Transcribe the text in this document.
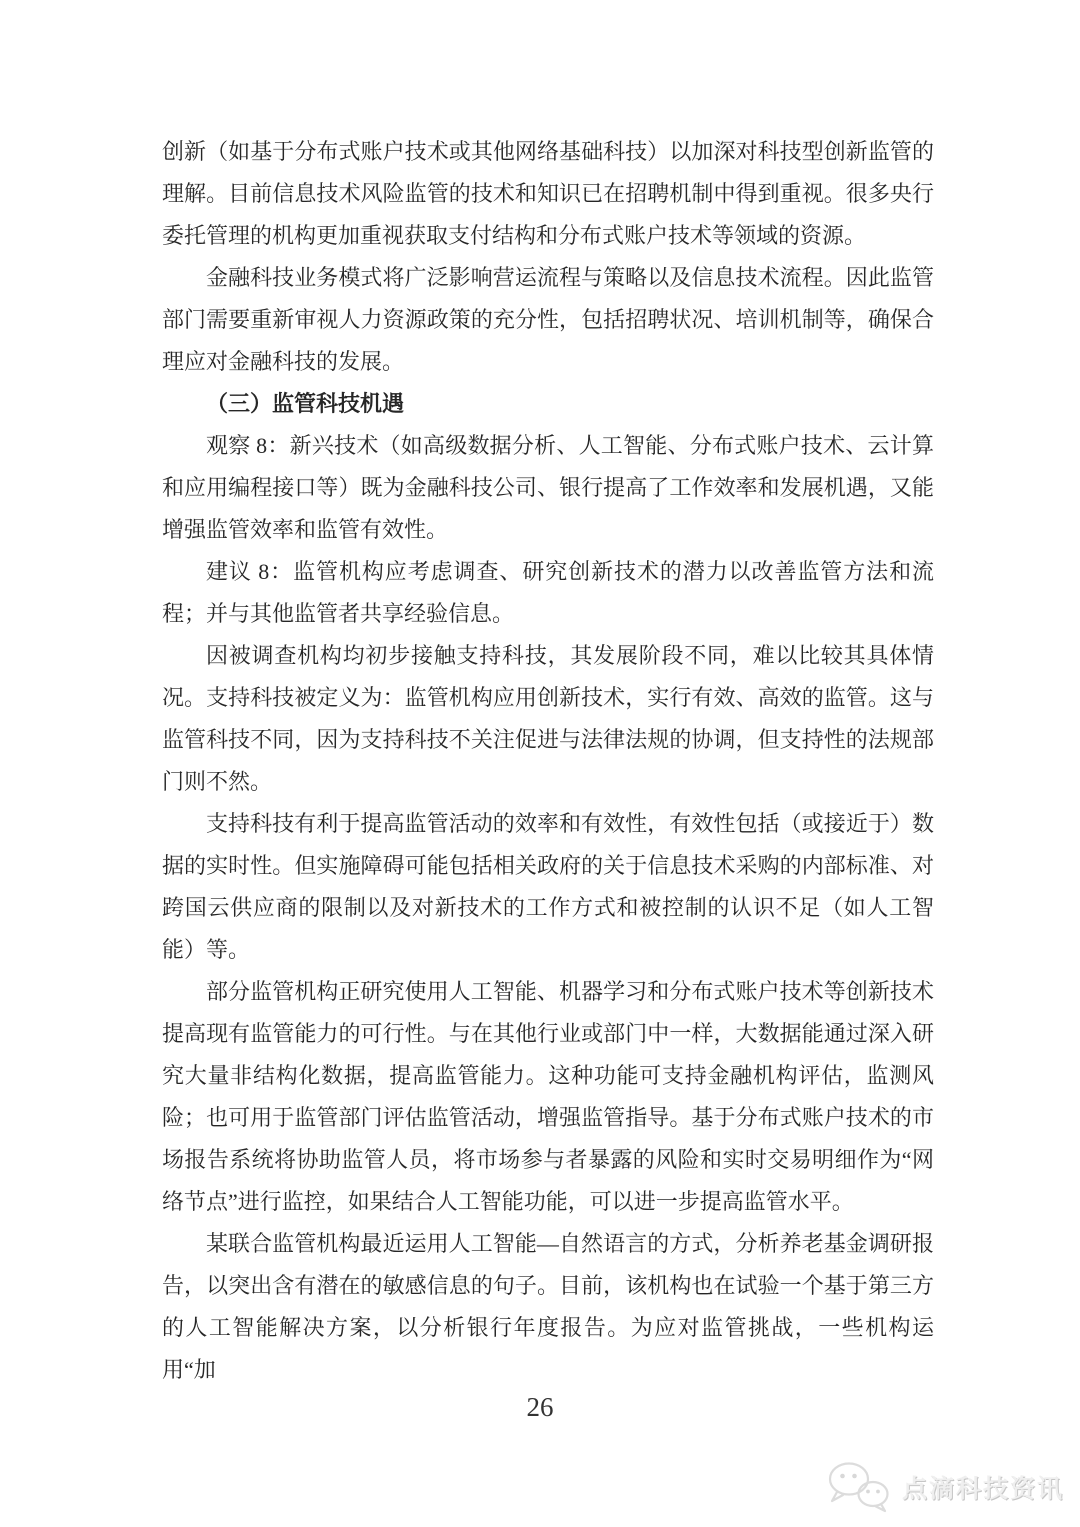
创新（如基于分布式账户技术或其他网络基础科技）以加深对科技型创新监管的理解。目前信息技术风险监管的技术和知识已在招聘机制中得到重视。很多央行委托管理的机构更加重视获取支付结构和分布式账户技术等领域的资源。

金融科技业务模式将广泛影响营运流程与策略以及信息技术流程。因此监管部门需要重新审视人力资源政策的充分性，包括招聘状况、培训机制等，确保合理应对金融科技的发展。

（三）监管科技机遇

观察 8：新兴技术（如高级数据分析、人工智能、分布式账户技术、云计算和应用编程接口等）既为金融科技公司、银行提高了工作效率和发展机遇，又能增强监管效率和监管有效性。

建议 8：监管机构应考虑调查、研究创新技术的潜力以改善监管方法和流程；并与其他监管者共享经验信息。

因被调查机构均初步接触支持科技，其发展阶段不同，难以比较其具体情况。支持科技被定义为：监管机构应用创新技术，实行有效、高效的监管。这与监管科技不同，因为支持科技不关注促进与法律法规的协调，但支持性的法规部门则不然。

支持科技有利于提高监管活动的效率和有效性，有效性包括（或接近于）数据的实时性。但实施障碍可能包括相关政府的关于信息技术采购的内部标准、对跨国云供应商的限制以及对新技术的工作方式和被控制的认识不足（如人工智能）等。

部分监管机构正研究使用人工智能、机器学习和分布式账户技术等创新技术提高现有监管能力的可行性。与在其他行业或部门中一样，大数据能通过深入研究大量非结构化数据，提高监管能力。这种功能可支持金融机构评估，监测风险；也可用于监管部门评估监管活动，增强监管指导。基于分布式账户技术的市场报告系统将协助监管人员，将市场参与者暴露的风险和实时交易明细作为“网络节点”进行监控，如果结合人工智能功能，可以进一步提高监管水平。

某联合监管机构最近运用人工智能—自然语言的方式，分析养老基金调研报告，以突出含有潜在的敏感信息的句子。目前，该机构也在试验一个基于第三方的人工智能解决方案，以分析银行年度报告。为应对监管挑战，一些机构运用“加

26
点滴科技资讯
